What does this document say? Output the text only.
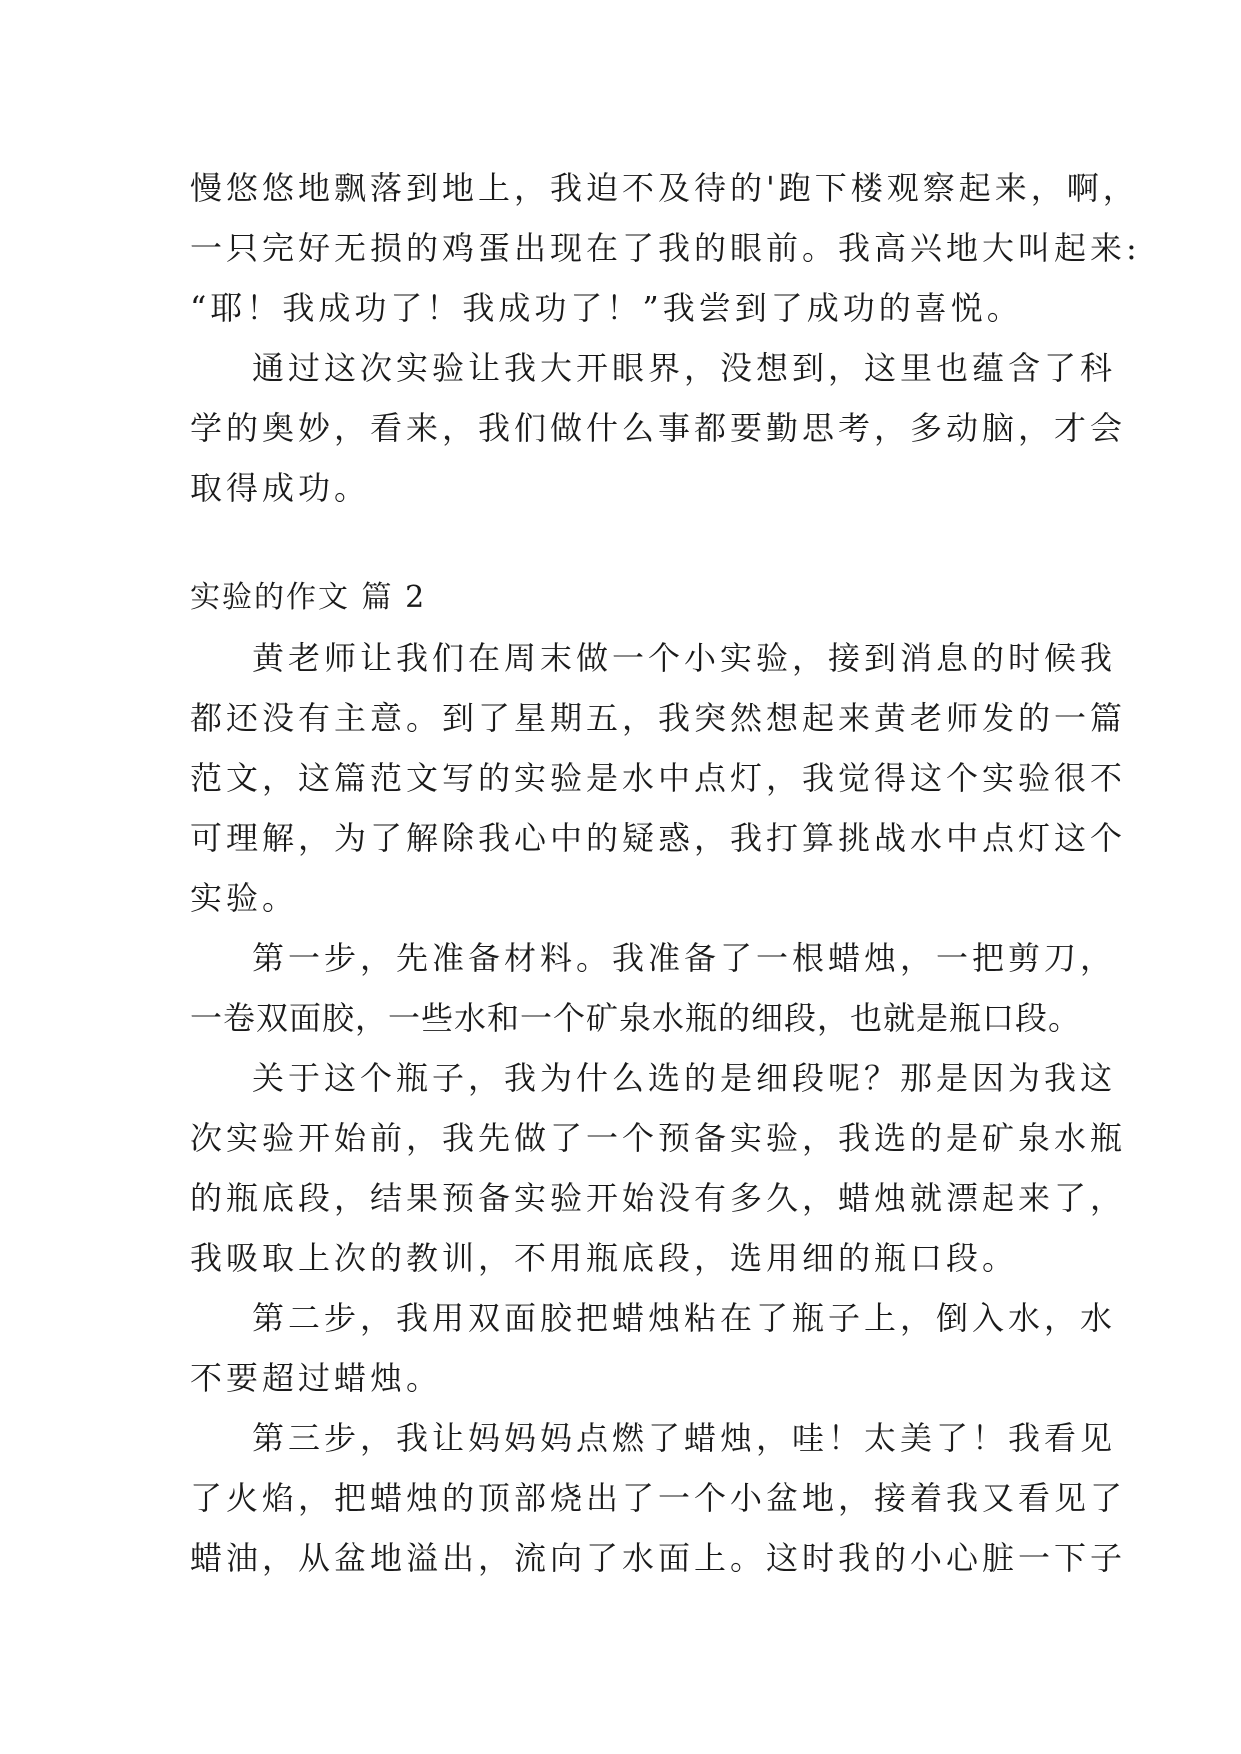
慢悠悠地飘落到地上，我迫不及待的'跑下楼观察起来，啊，
一只完好无损的鸡蛋出现在了我的眼前。我高兴地大叫起来:
“耶！我成功了！我成功了！”我尝到了成功的喜悦。
通过这次实验让我大开眼界，没想到，这里也蕴含了科
学的奥妙，看来，我们做什么事都要勤思考，多动脑，才会
取得成功。
实验的作文 篇 2
黄老师让我们在周末做一个小实验，接到消息的时候我
都还没有主意。到了星期五，我突然想起来黄老师发的一篇
范文，这篇范文写的实验是水中点灯，我觉得这个实验很不
可理解，为了解除我心中的疑惑，我打算挑战水中点灯这个
实验。
第一步，先准备材料。我准备了一根蜡烛，一把剪刀，
一卷双面胶，一些水和一个矿泉水瓶的细段，也就是瓶口段。
关于这个瓶子，我为什么选的是细段呢？那是因为我这
次实验开始前，我先做了一个预备实验，我选的是矿泉水瓶
的瓶底段，结果预备实验开始没有多久，蜡烛就漂起来了，
我吸取上次的教训，不用瓶底段，选用细的瓶口段。
第二步，我用双面胶把蜡烛粘在了瓶子上，倒入水，水
不要超过蜡烛。
第三步，我让妈妈妈点燃了蜡烛，哇！太美了！我看见
了火焰，把蜡烛的顶部烧出了一个小盆地，接着我又看见了
蜡油，从盆地溢出，流向了水面上。这时我的小心脏一下子
